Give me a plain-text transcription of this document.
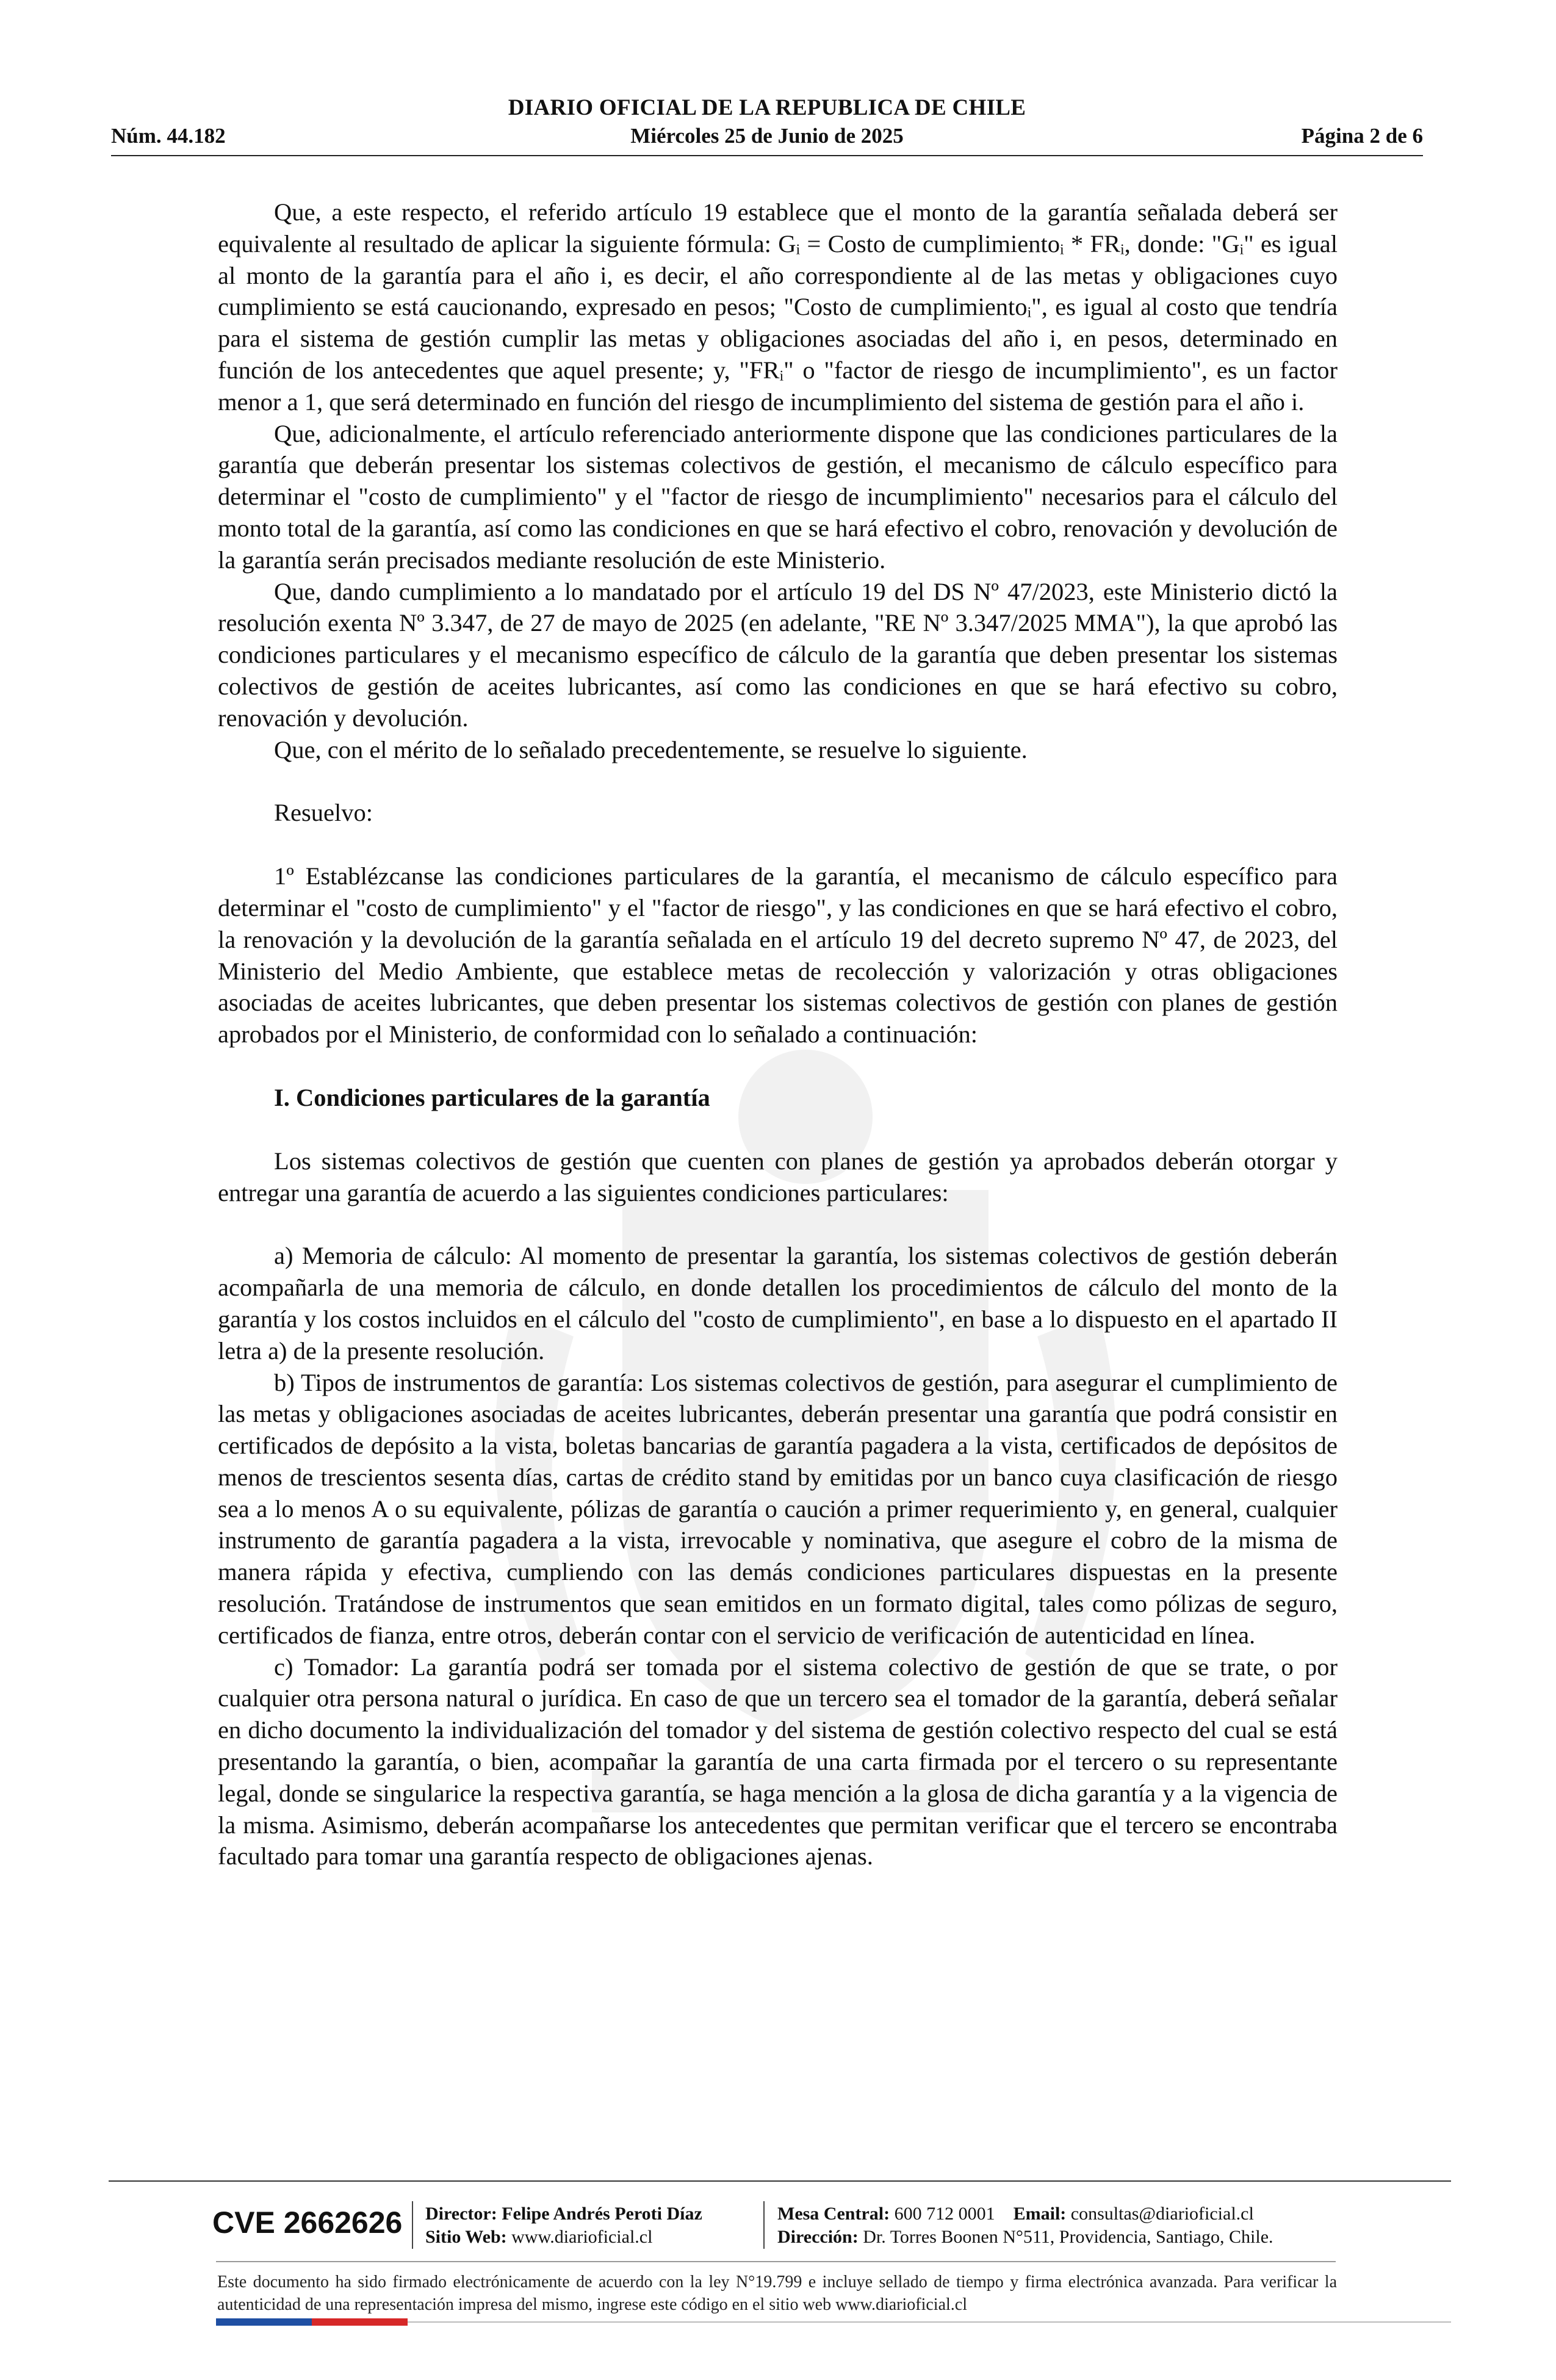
DIARIO OFICIAL DE LA REPUBLICA DE CHILE
Núm. 44.182	Miércoles 25 de Junio de 2025	Página 2 de 6

Que, a este respecto, el referido artículo 19 establece que el monto de la garantía señalada deberá ser equivalente al resultado de aplicar la siguiente fórmula: Gᵢ = Costo de cumplimientoᵢ * FRᵢ, donde: "Gᵢ" es igual al monto de la garantía para el año i, es decir, el año correspondiente al de las metas y obligaciones cuyo cumplimiento se está caucionando, expresado en pesos; "Costo de cumplimientoᵢ", es igual al costo que tendría para el sistema de gestión cumplir las metas y obligaciones asociadas del año i, en pesos, determinado en función de los antecedentes que aquel presente; y, "FRᵢ" o "factor de riesgo de incumplimiento", es un factor menor a 1, que será determinado en función del riesgo de incumplimiento del sistema de gestión para el año i.

Que, adicionalmente, el artículo referenciado anteriormente dispone que las condiciones particulares de la garantía que deberán presentar los sistemas colectivos de gestión, el mecanismo de cálculo específico para determinar el "costo de cumplimiento" y el "factor de riesgo de incumplimiento" necesarios para el cálculo del monto total de la garantía, así como las condiciones en que se hará efectivo el cobro, renovación y devolución de la garantía serán precisados mediante resolución de este Ministerio.

Que, dando cumplimiento a lo mandatado por el artículo 19 del DS Nº 47/2023, este Ministerio dictó la resolución exenta Nº 3.347, de 27 de mayo de 2025 (en adelante, "RE Nº 3.347/2025 MMA"), la que aprobó las condiciones particulares y el mecanismo específico de cálculo de la garantía que deben presentar los sistemas colectivos de gestión de aceites lubricantes, así como las condiciones en que se hará efectivo su cobro, renovación y devolución.

Que, con el mérito de lo señalado precedentemente, se resuelve lo siguiente.

Resuelvo:

1º Establézcanse las condiciones particulares de la garantía, el mecanismo de cálculo específico para determinar el "costo de cumplimiento" y el "factor de riesgo", y las condiciones en que se hará efectivo el cobro, la renovación y la devolución de la garantía señalada en el artículo 19 del decreto supremo Nº 47, de 2023, del Ministerio del Medio Ambiente, que establece metas de recolección y valorización y otras obligaciones asociadas de aceites lubricantes, que deben presentar los sistemas colectivos de gestión con planes de gestión aprobados por el Ministerio, de conformidad con lo señalado a continuación:

I. Condiciones particulares de la garantía

Los sistemas colectivos de gestión que cuenten con planes de gestión ya aprobados deberán otorgar y entregar una garantía de acuerdo a las siguientes condiciones particulares:

a) Memoria de cálculo: Al momento de presentar la garantía, los sistemas colectivos de gestión deberán acompañarla de una memoria de cálculo, en donde detallen los procedimientos de cálculo del monto de la garantía y los costos incluidos en el cálculo del "costo de cumplimiento", en base a lo dispuesto en el apartado II letra a) de la presente resolución.

b) Tipos de instrumentos de garantía: Los sistemas colectivos de gestión, para asegurar el cumplimiento de las metas y obligaciones asociadas de aceites lubricantes, deberán presentar una garantía que podrá consistir en certificados de depósito a la vista, boletas bancarias de garantía pagadera a la vista, certificados de depósitos de menos de trescientos sesenta días, cartas de crédito stand by emitidas por un banco cuya clasificación de riesgo sea a lo menos A o su equivalente, pólizas de garantía o caución a primer requerimiento y, en general, cualquier instrumento de garantía pagadera a la vista, irrevocable y nominativa, que asegure el cobro de la misma de manera rápida y efectiva, cumpliendo con las demás condiciones particulares dispuestas en la presente resolución. Tratándose de instrumentos que sean emitidos en un formato digital, tales como pólizas de seguro, certificados de fianza, entre otros, deberán contar con el servicio de verificación de autenticidad en línea.

c) Tomador: La garantía podrá ser tomada por el sistema colectivo de gestión de que se trate, o por cualquier otra persona natural o jurídica. En caso de que un tercero sea el tomador de la garantía, deberá señalar en dicho documento la individualización del tomador y del sistema de gestión colectivo respecto del cual se está presentando la garantía, o bien, acompañar la garantía de una carta firmada por el tercero o su representante legal, donde se singularice la respectiva garantía, se haga mención a la glosa de dicha garantía y a la vigencia de la misma. Asimismo, deberán acompañarse los antecedentes que permitan verificar que el tercero se encontraba facultado para tomar una garantía respecto de obligaciones ajenas.

CVE 2662626 Director: Felipe Andrés Peroti Díaz
Sitio Web: www.diarioficial.cl
Mesa Central: 600 712 0001 Email: consultas@diarioficial.cl
Dirección: Dr. Torres Boonen N°511, Providencia, Santiago, Chile.
Este documento ha sido firmado electrónicamente de acuerdo con la ley N°19.799 e incluye sellado de tiempo y firma electrónica avanzada. Para verificar la autenticidad de una representación impresa del mismo, ingrese este código en el sitio web www.diarioficial.cl
